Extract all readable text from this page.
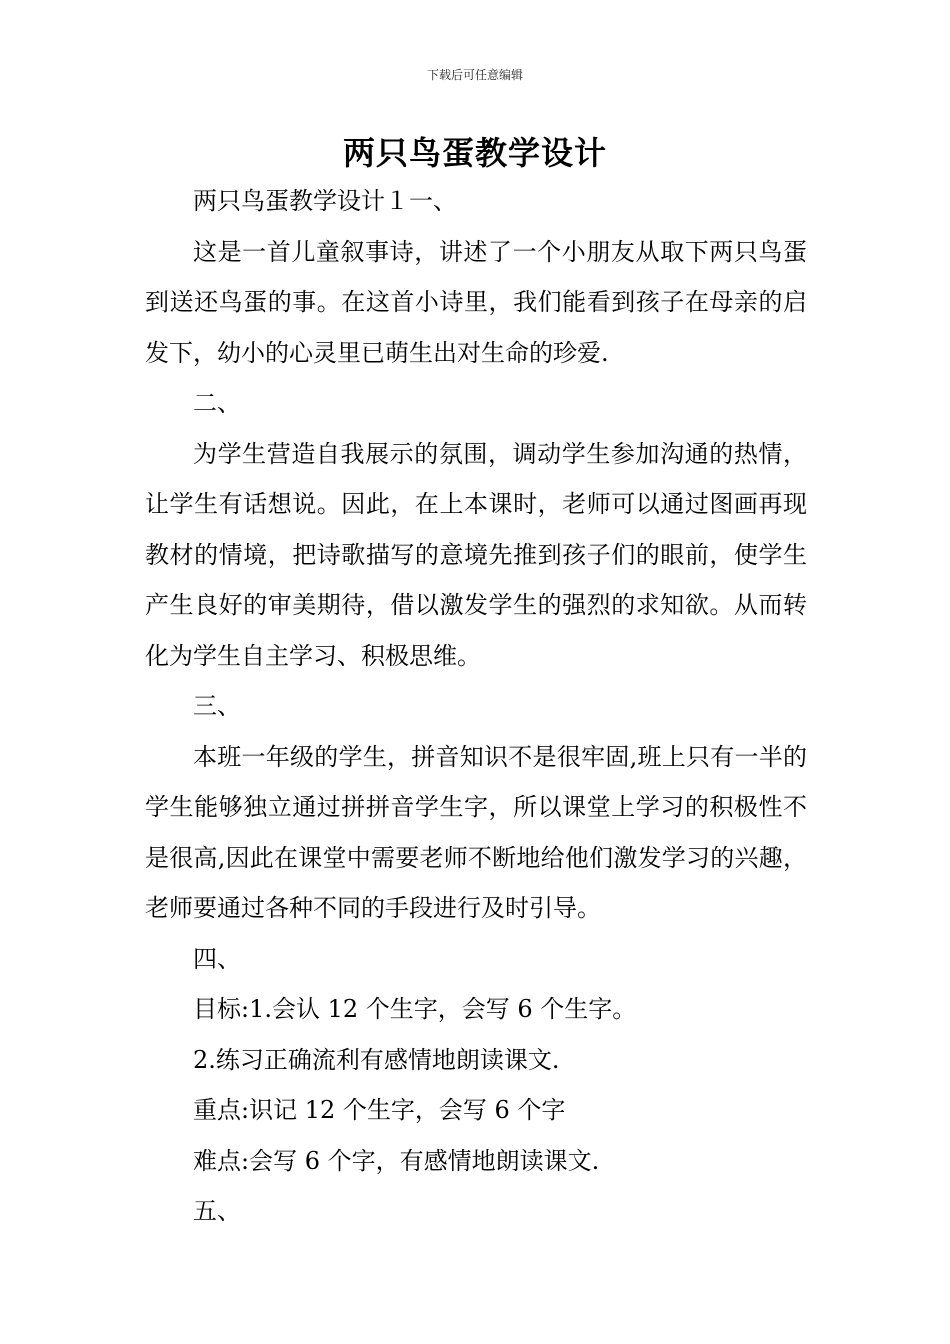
下载后可任意编辑
两只鸟蛋教学设计

两只鸟蛋教学设计１一、

这是一首儿童叙事诗，讲述了一个小朋友从取下两只鸟蛋到送还鸟蛋的事。在这首小诗里，我们能看到孩子在母亲的启发下，幼小的心灵里已萌生出对生命的珍爱.

二、

为学生营造自我展示的氛围，调动学生参加沟通的热情，让学生有话想说。因此，在上本课时，老师可以通过图画再现教材的情境，把诗歌描写的意境先推到孩子们的眼前，使学生产生良好的审美期待，借以激发学生的强烈的求知欲。从而转化为学生自主学习、积极思维。

三、

本班一年级的学生，拼音知识不是很牢固,班上只有一半的学生能够独立通过拼拼音学生字，所以课堂上学习的积极性不是很高,因此在课堂中需要老师不断地给他们激发学习的兴趣，老师要通过各种不同的手段进行及时引导。

四、

目标:1.会认 12 个生字，会写 6 个生字。

2.练习正确流利有感情地朗读课文.

重点:识记 12 个生字，会写 6 个字

难点:会写 6 个字，有感情地朗读课文.

五、
